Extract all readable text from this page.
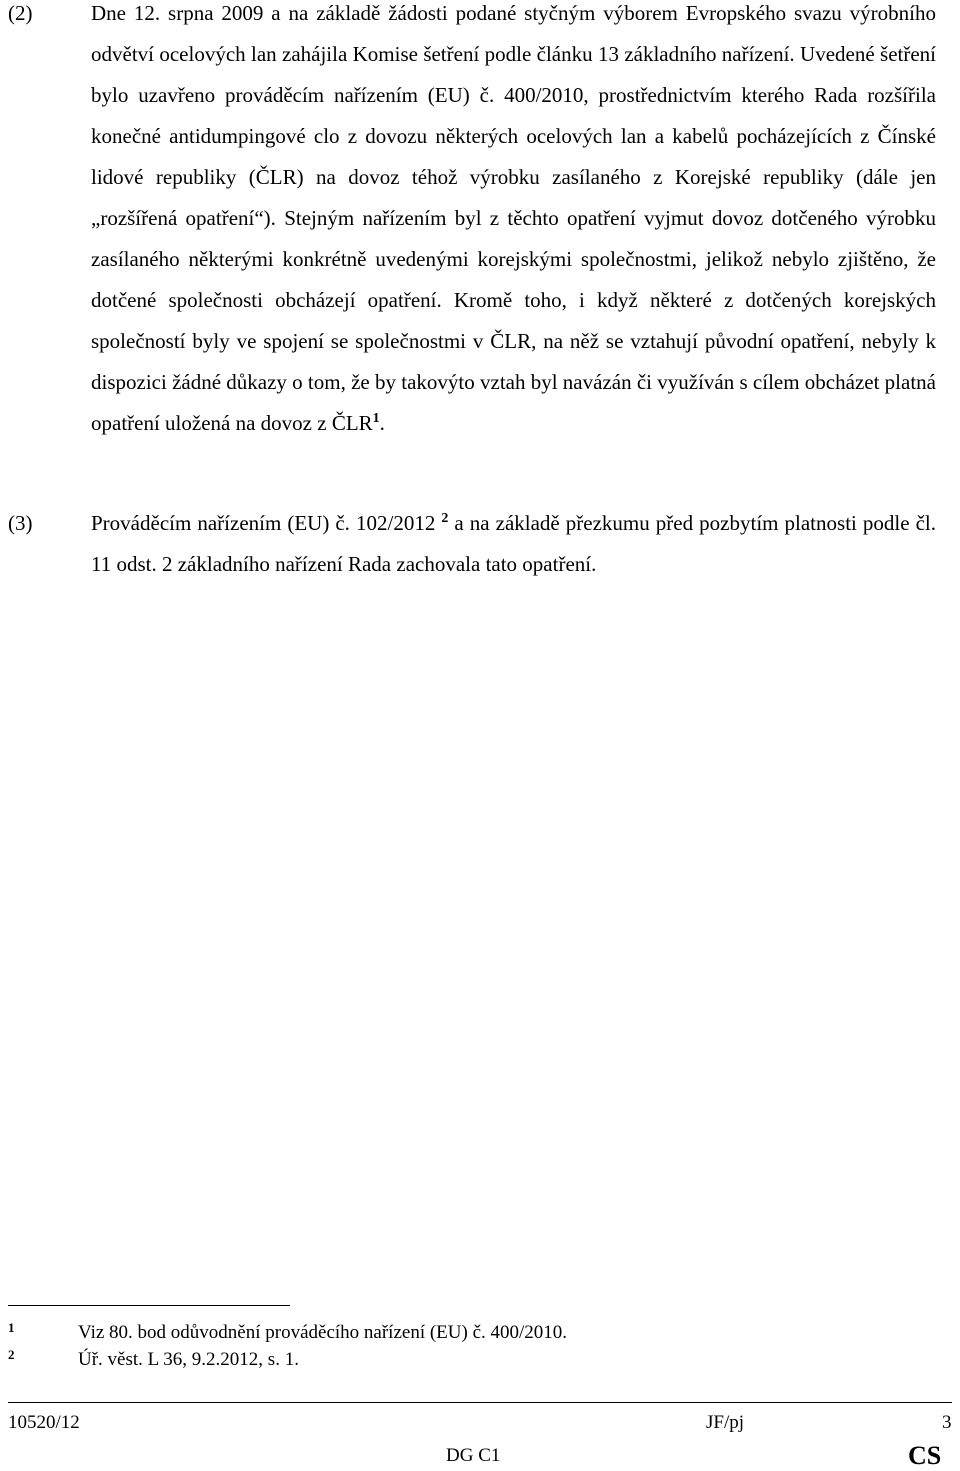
(2)	Dne 12. srpna 2009 a na základě žádosti podané styčným výborem Evropského svazu výrobního odvětví ocelových lan zahájila Komise šetření podle článku 13 základního nařízení. Uvedené šetření bylo uzavřeno prováděcím nařízením (EU) č. 400/2010, prostřednictvím kterého Rada rozšířila konečné antidumpingové clo z dovozu některých ocelových lan a kabelů pocházejících z Čínské lidové republiky (ČLR) na dovoz téhož výrobku zasílaného z Korejské republiky (dále jen „rozšířená opatření“). Stejným nařízením byl z těchto opatření vyjmut dovoz dotčeného výrobku zasílaného některými konkrétně uvedenými korejskými společnostmi, jelikož nebylo zjištěno, že dotčené společnosti obcházejí opatření. Kromě toho, i když některé z dotčených korejských společností byly ve spojení se společnostmi v ČLR, na něž se vztahují původní opatření, nebyly k dispozici žádné důkazy o tom, že by takovýto vztah byl navázán či využíván s cílem obcházet platná opatření uložená na dovoz z ČLR$^1$.
(3)	Prováděcím nařízením (EU) č. 102/2012 $^2$ a na základě přezkumu před pozbytím platnosti podle čl. 11 odst. 2 základního nařízení Rada zachovala tato opatření.
1	Viz 80. bod odůvodnění prováděcího nařízení (EU) č. 400/2010.
2	Úř. věst. L 36, 9.2.2012, s. 1.
10520/12	JF/pj	3
DG C1	CS
